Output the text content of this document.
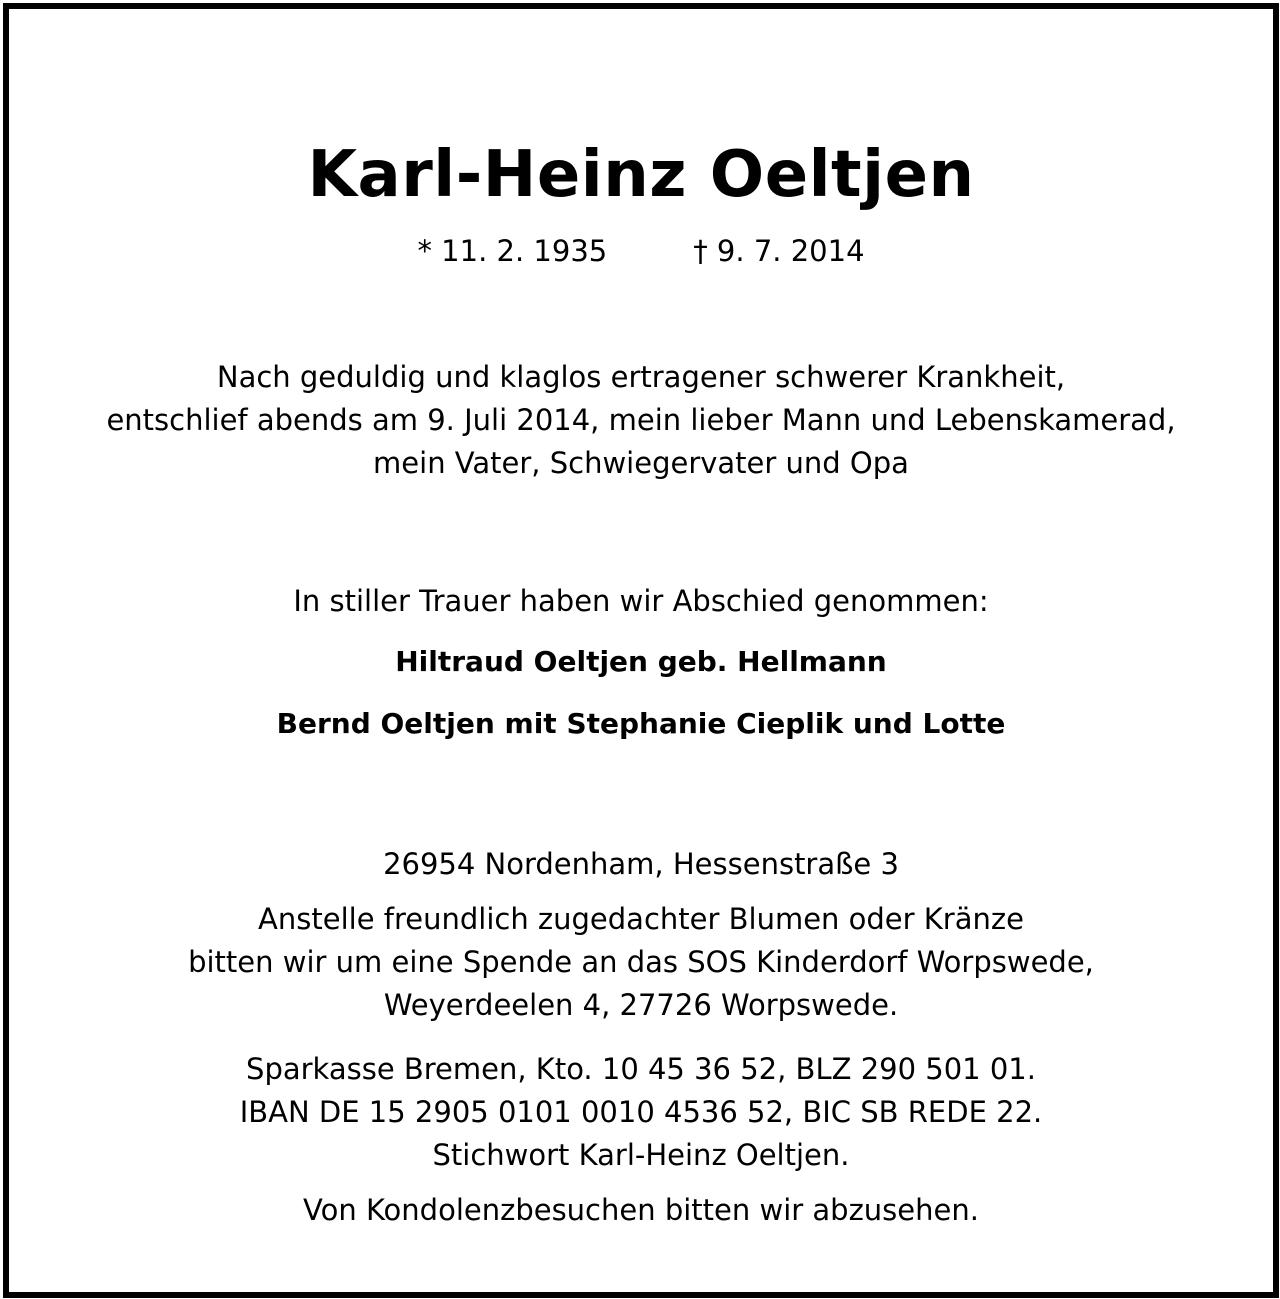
Karl-Heinz Oeltjen
* 11. 2. 1935	† 9. 7. 2014
Nach geduldig und klaglos ertragener schwerer Krankheit,
entschlief abends am 9. Juli 2014, mein lieber Mann und Lebenskamerad,
mein Vater, Schwiegervater und Opa
In stiller Trauer haben wir Abschied genommen:
Hiltraud Oeltjen geb. Hellmann
Bernd Oeltjen mit Stephanie Cieplik und Lotte
26954 Nordenham, Hessenstraße 3
Anstelle freundlich zugedachter Blumen oder Kränze
bitten wir um eine Spende an das SOS Kinderdorf Worpswede,
Weyerdeelen 4, 27726 Worpswede.
Sparkasse Bremen, Kto. 10 45 36 52, BLZ 290 501 01.
IBAN DE 15 2905 0101 0010 4536 52, BIC SB REDE 22.
Stichwort Karl-Heinz Oeltjen.
Von Kondolenzbesuchen bitten wir abzusehen.
